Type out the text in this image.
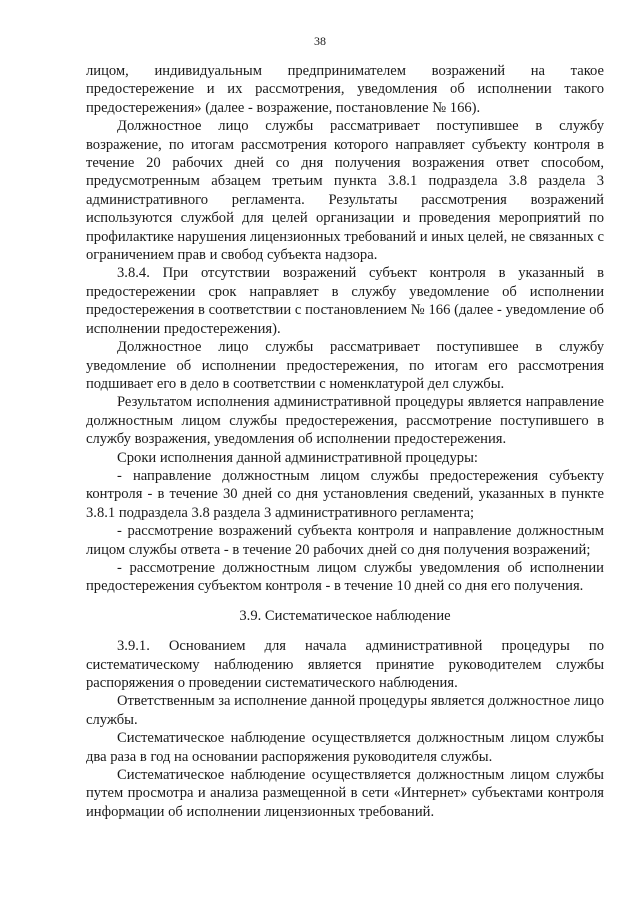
38

лицом, индивидуальным предпринимателем возражений на такое предостережение и их рассмотрения, уведомления об исполнении такого предостережения» (далее - возражение, постановление № 166).

Должностное лицо службы рассматривает поступившее в службу возражение, по итогам рассмотрения которого направляет субъекту контроля в течение 20 рабочих дней со дня получения возражения ответ способом, предусмотренным абзацем третьим пункта 3.8.1 подраздела 3.8 раздела 3 административного регламента. Результаты рассмотрения возражений используются службой для целей организации и проведения мероприятий по профилактике нарушения лицензионных требований и иных целей, не связанных с ограничением прав и свобод субъекта надзора.

3.8.4. При отсутствии возражений субъект контроля в указанный в предостережении срок направляет в службу уведомление об исполнении предостережения в соответствии с постановлением № 166 (далее - уведомление об исполнении предостережения).

Должностное лицо службы рассматривает поступившее в службу уведомление об исполнении предостережения, по итогам его рассмотрения подшивает его в дело в соответствии с номенклатурой дел службы.

Результатом исполнения административной процедуры является направление должностным лицом службы предостережения, рассмотрение поступившего в службу возражения, уведомления об исполнении предостережения.

Сроки исполнения данной административной процедуры:

- направление должностным лицом службы предостережения субъекту контроля - в течение 30 дней со дня установления сведений, указанных в пункте 3.8.1 подраздела 3.8 раздела 3 административного регламента;

- рассмотрение возражений субъекта контроля и направление должностным лицом службы ответа - в течение 20 рабочих дней со дня получения возражений;

- рассмотрение должностным лицом службы уведомления об исполнении предостережения субъектом контроля - в течение 10 дней со дня его получения.

3.9. Систематическое наблюдение

3.9.1. Основанием для начала административной процедуры по систематическому наблюдению является принятие руководителем службы распоряжения о проведении систематического наблюдения.

Ответственным за исполнение данной процедуры является должностное лицо службы.

Систематическое наблюдение осуществляется должностным лицом службы два раза в год на основании распоряжения руководителя службы.

Систематическое наблюдение осуществляется должностным лицом службы путем просмотра и анализа размещенной в сети «Интернет» субъектами контроля информации об исполнении лицензионных требований.
